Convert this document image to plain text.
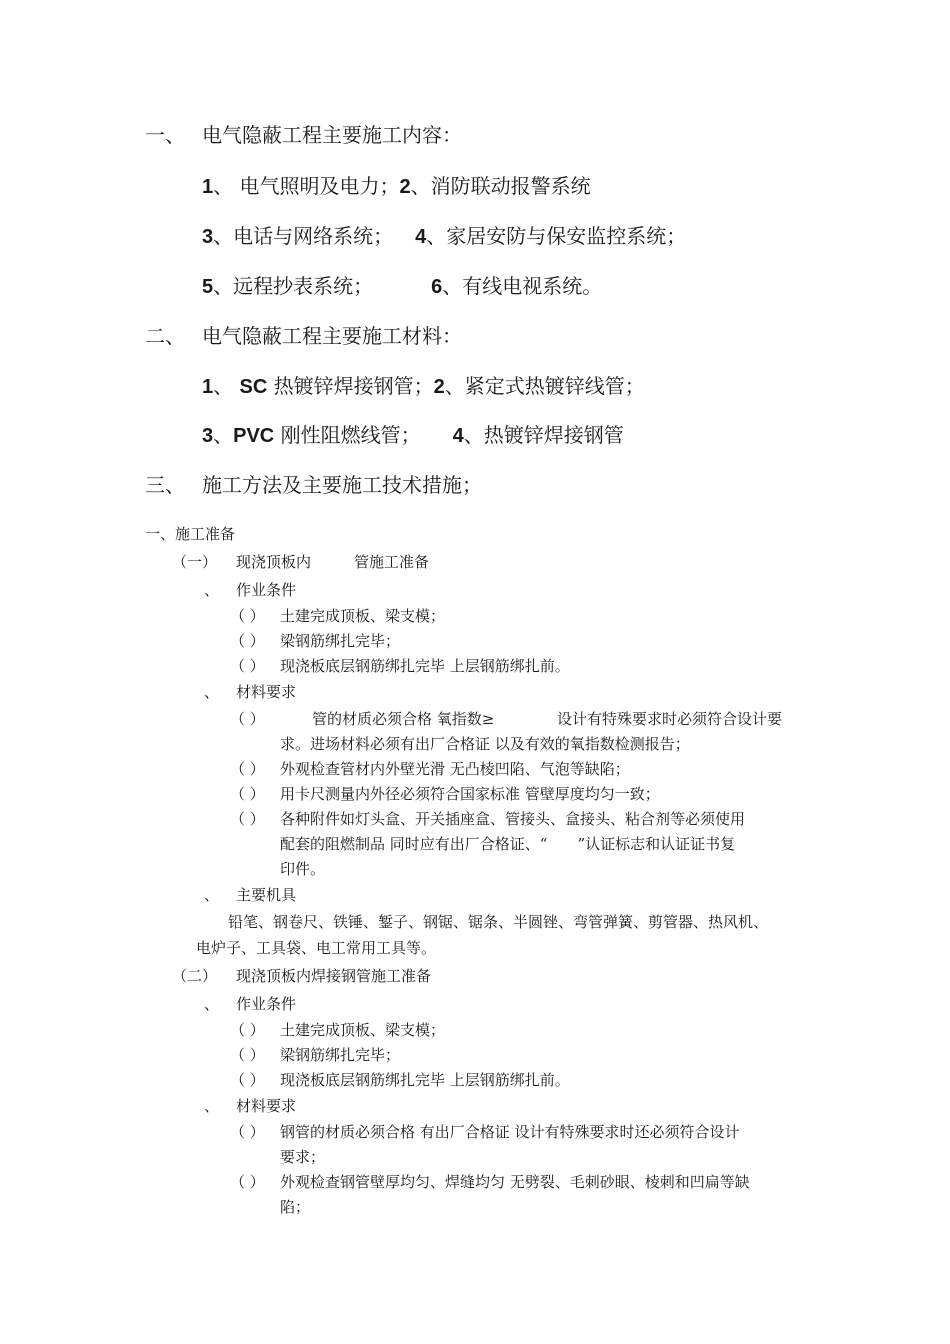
一、 电气隐蔽工程主要施工内容：
1、 电气照明及电力；2、消防联动报警系统
3、电话与网络系统； 4、家居安防与保安监控系统；
5、远程抄表系统；	6、有线电视系统。
二、 电气隐蔽工程主要施工材料：
1、 SC 热镀锌焊接钢管；2、紧定式热镀锌线管；
3、PVC 刚性阻燃线管； 4、热镀锌焊接钢管
三、 施工方法及主要施工技术措施；
一、施工准备
（一） 现浇顶板内	管施工准备
、 作业条件
（ ） 土建完成顶板、梁支模；
（ ） 梁钢筋绑扎完毕；
（ ） 现浇板底层钢筋绑扎完毕 上层钢筋绑扎前。
、 材料要求
（ ）	管的材质必须合格 氧指数≥	设计有特殊要求时必须符合设计要
求。进场材料必须有出厂合格证 以及有效的氧指数检测报告；
（ ） 外观检查管材内外壁光滑 无凸棱凹陷、气泡等缺陷；
（ ） 用卡尺测量内外径必须符合国家标准 管壁厚度均匀一致；
（ ） 各种附件如灯头盒、开关插座盒、管接头、盒接头、粘合剂等必须使用
配套的阻燃制品 同时应有出厂合格证、“ ”认证标志和认证证书复
印件。
、 主要机具
铅笔、钢卷尺、铁锤、錾子、钢锯、锯条、半圆锉、弯管弹簧、剪管器、热风机、
电炉子、工具袋、电工常用工具等。
（二） 现浇顶板内焊接钢管施工准备
、 作业条件
（ ） 土建完成顶板、梁支模；
（ ） 梁钢筋绑扎完毕；
（ ） 现浇板底层钢筋绑扎完毕 上层钢筋绑扎前。
、 材料要求
（ ） 钢管的材质必须合格 有出厂合格证 设计有特殊要求时还必须符合设计
要求；
（ ） 外观检查钢管壁厚均匀、焊缝均匀 无劈裂、毛刺砂眼、棱刺和凹扁等缺
陷；
